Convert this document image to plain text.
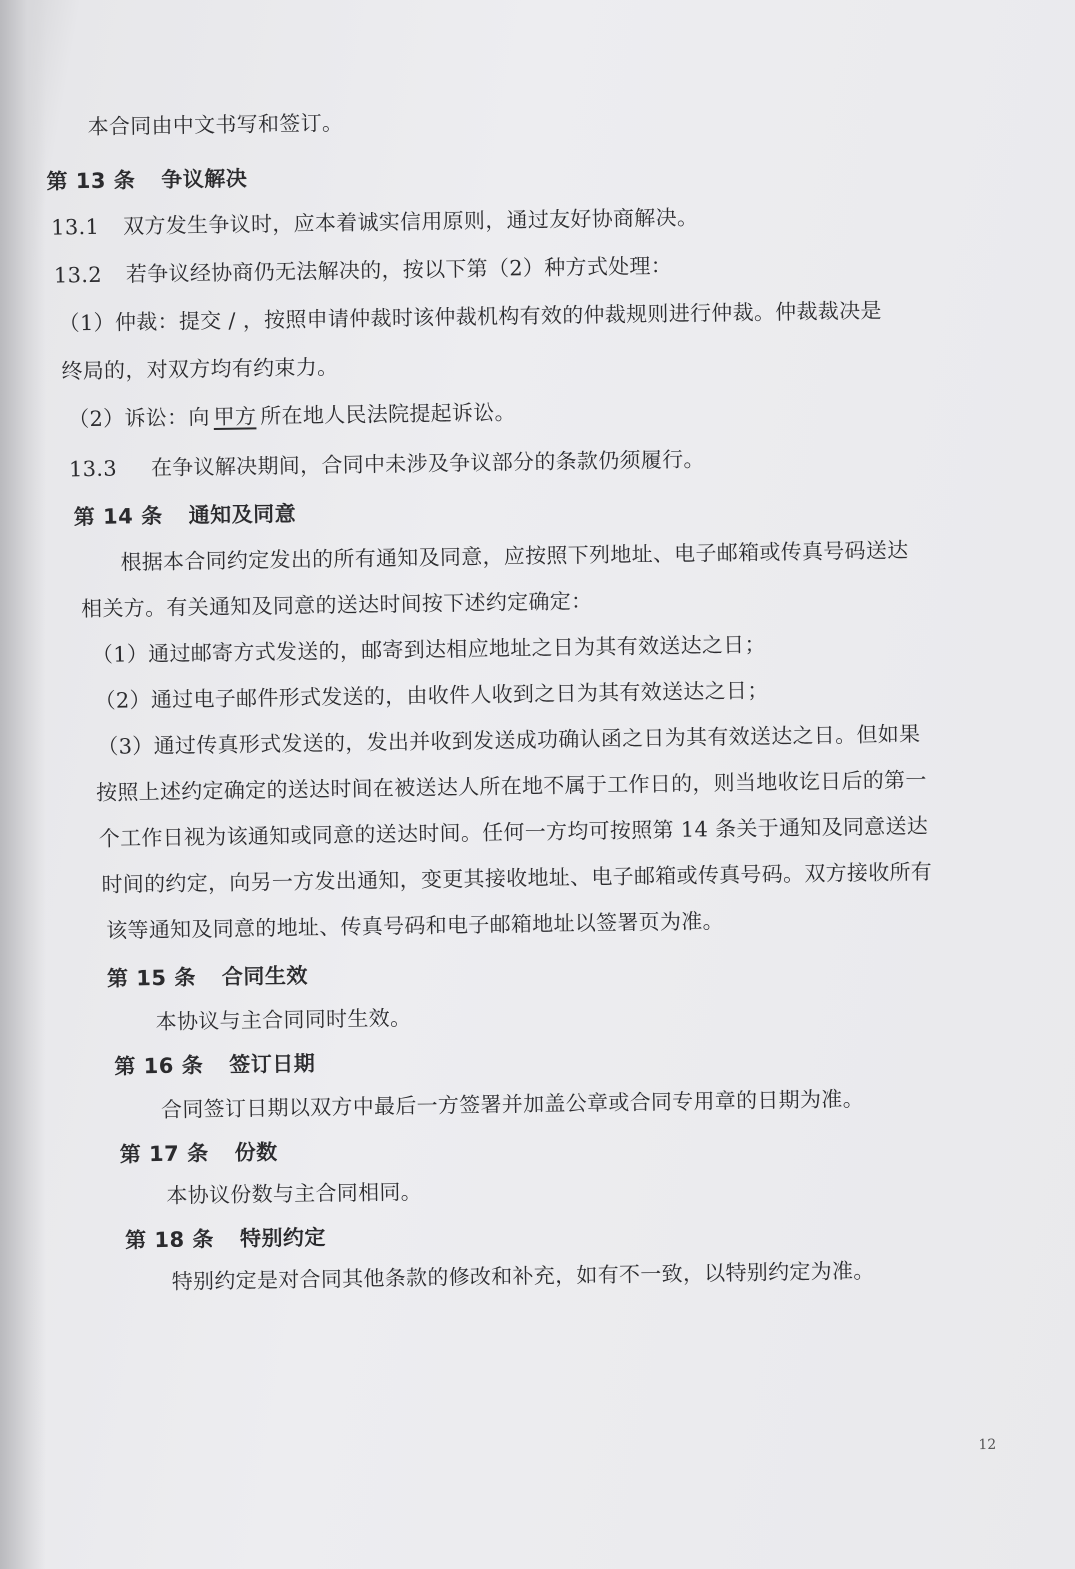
本合同由中文书写和签订。
第 13 条 争议解决
13.1 双方发生争议时，应本着诚实信用原则，通过友好协商解决。
13.2 若争议经协商仍无法解决的，按以下第（2）种方式处理：
（1）仲裁：提交 / ，按照申请仲裁时该仲裁机构有效的仲裁规则进行仲裁。仲裁裁决是
终局的，对双方均有约束力。
（2）诉讼：向 甲方 所在地人民法院提起诉讼。
13.3 在争议解决期间，合同中未涉及争议部分的条款仍须履行。
第 14 条 通知及同意
根据本合同约定发出的所有通知及同意，应按照下列地址、电子邮箱或传真号码送达
相关方。有关通知及同意的送达时间按下述约定确定：
（1）通过邮寄方式发送的，邮寄到达相应地址之日为其有效送达之日；
（2）通过电子邮件形式发送的，由收件人收到之日为其有效送达之日；
（3）通过传真形式发送的，发出并收到发送成功确认函之日为其有效送达之日。但如果
按照上述约定确定的送达时间在被送达人所在地不属于工作日的，则当地收讫日后的第一
个工作日视为该通知或同意的送达时间。任何一方均可按照第 14 条关于通知及同意送达
时间的约定，向另一方发出通知，变更其接收地址、电子邮箱或传真号码。双方接收所有
该等通知及同意的地址、传真号码和电子邮箱地址以签署页为准。
第 15 条 合同生效
本协议与主合同同时生效。
第 16 条 签订日期
合同签订日期以双方中最后一方签署并加盖公章或合同专用章的日期为准。
第 17 条 份数
本协议份数与主合同相同。
第 18 条 特别约定
特别约定是对合同其他条款的修改和补充，如有不一致，以特别约定为准。
12
